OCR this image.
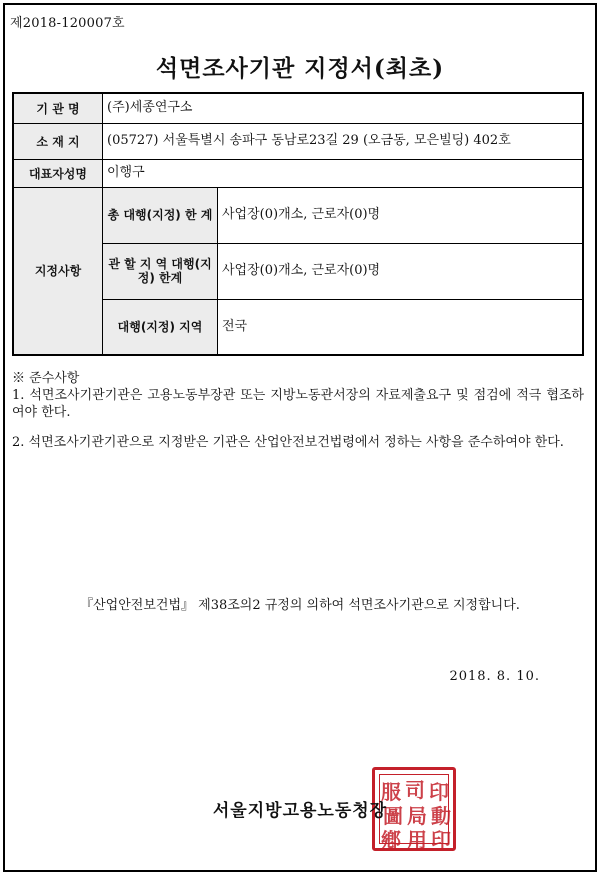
제2018-120007호
석면조사기관 지정서(최초)
기 관 명	(주)세종연구소	
소 재 지	(05727) 서울특별시 송파구 동남로23길 29 (오금동, 모은빌딩) 402호	
대표자성명	이행구	
지정사항	총 대행(지정) 한 계	사업장(0)개소, 근로자(0)명
	관 할 지 역 대행(지정) 한계	사업장(0)개소, 근로자(0)명
	대행(지정) 지역	전국
※ 준수사항

1. 석면조사기관기관은 고용노동부장관 또는 지방노동관서장의 자료제출요구 및 점검에 적극 협조하여야 한다.

2. 석면조사기관기관으로 지정받은 기관은 산업안전보건법령에서 정하는 사항을 준수하여야 한다.

『산업안전보건법』 제38조의2 규정의 의하여 석면조사기관으로 지정합니다.
2018. 8. 10.
服 司 印
圖 局 動
鄕 用 印
서울지방고용노동청장
